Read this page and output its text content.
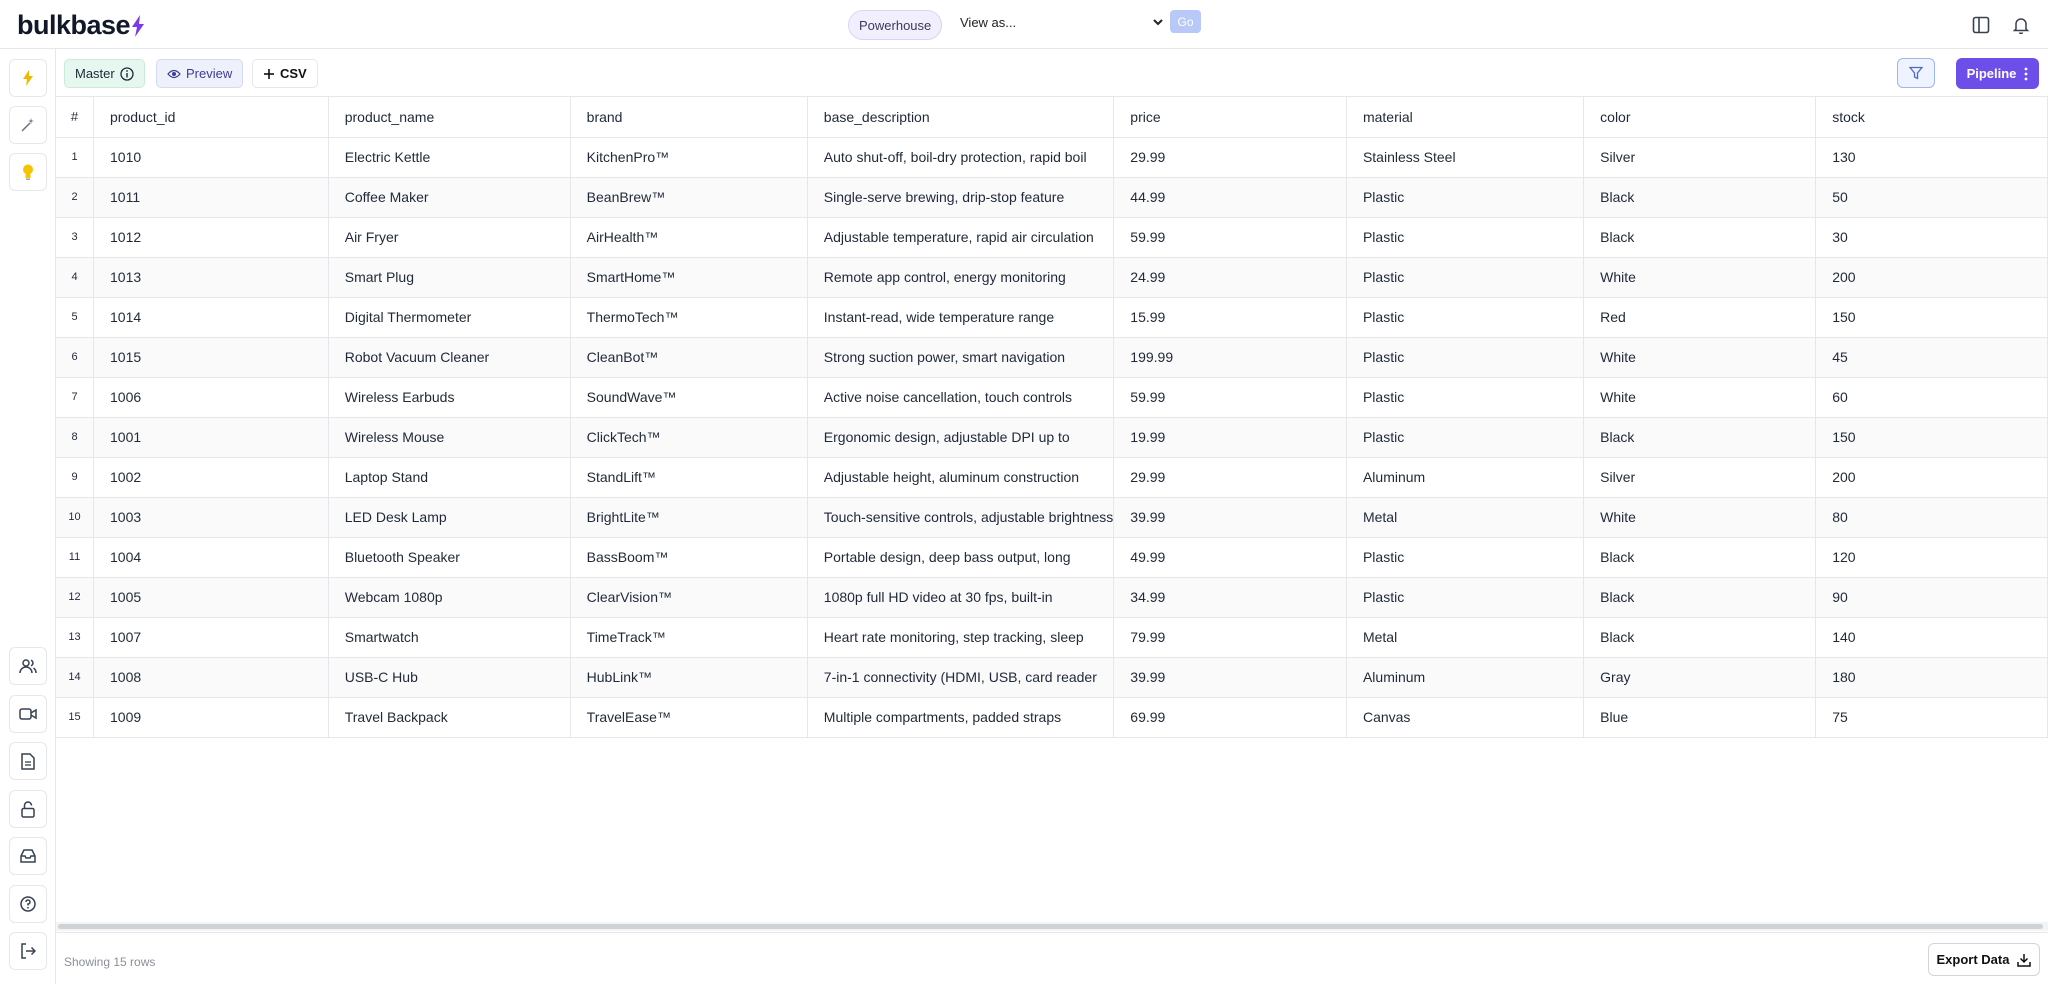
bulkbase	Powerhouse View as...	Go
Master	Preview	CSV	Pipeline
#	product_id	product_name	brand	base_description	price	material	color	stock
1	1010	Electric Kettle	KitchenPro™	Auto shut-off, boil-dry protection, rapid boil	29.99	Stainless Steel	Silver	130
2	1011	Coffee Maker	BeanBrew™	Single-serve brewing, drip-stop feature	44.99	Plastic	Black	50
3	1012	Air Fryer	AirHealth™	Adjustable temperature, rapid air circulation	59.99	Plastic	Black	30
4	1013	Smart Plug	SmartHome™	Remote app control, energy monitoring	24.99	Plastic	White	200
5	1014	Digital Thermometer	ThermoTech™	Instant-read, wide temperature range	15.99	Plastic	Red	150
6	1015	Robot Vacuum Cleaner	CleanBot™	Strong suction power, smart navigation	199.99	Plastic	White	45
7	1006	Wireless Earbuds	SoundWave™	Active noise cancellation, touch controls	59.99	Plastic	White	60
8	1001	Wireless Mouse	ClickTech™	Ergonomic design, adjustable DPI up to	19.99	Plastic	Black	150
9	1002	Laptop Stand	StandLift™	Adjustable height, aluminum construction	29.99	Aluminum	Silver	200
10	1003	LED Desk Lamp	BrightLite™	Touch-sensitive controls, adjustable brightness	39.99	Metal	White	80
11	1004	Bluetooth Speaker	BassBoom™	Portable design, deep bass output, long	49.99	Plastic	Black	120
12	1005	Webcam 1080p	ClearVision™	1080p full HD video at 30 fps, built-in	34.99	Plastic	Black	90
13	1007	Smartwatch	TimeTrack™	Heart rate monitoring, step tracking, sleep	79.99	Metal	Black	140
14	1008	USB-C Hub	HubLink™	7-in-1 connectivity (HDMI, USB, card reader	39.99	Aluminum	Gray	180
15	1009	Travel Backpack	TravelEase™	Multiple compartments, padded straps	69.99	Canvas	Blue	75
Showing 15 rows	Export Data
